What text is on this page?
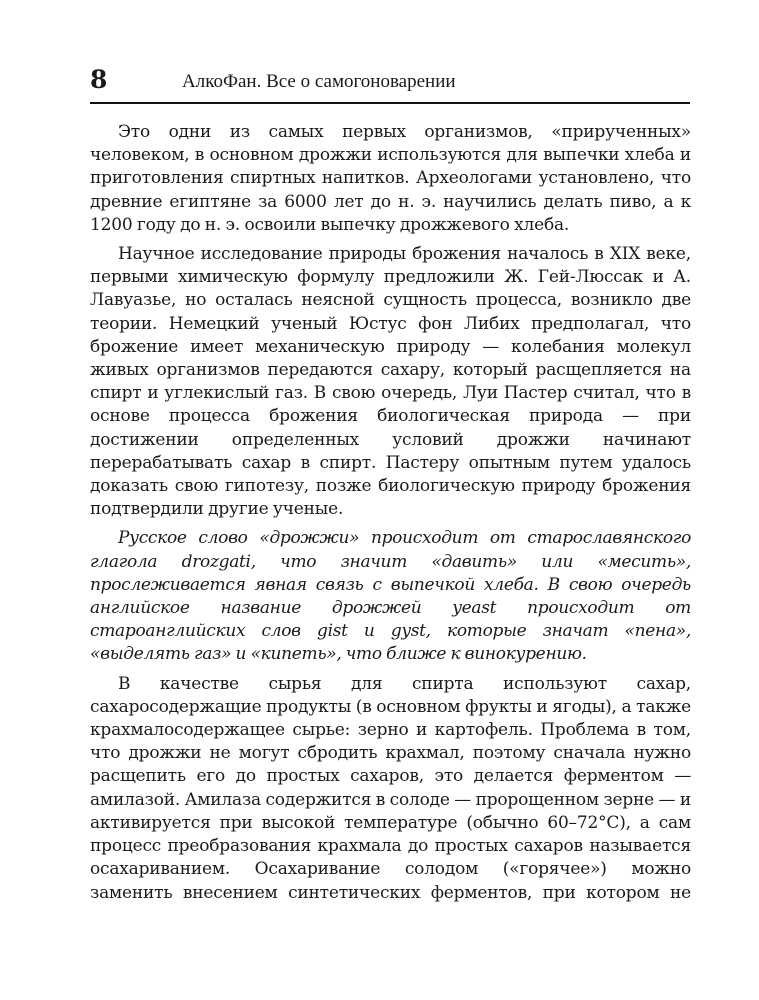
8	АлкоФан. Все о самогоноварении

Это одни из самых первых организмов, «прирученных» человеком, в основном дрожжи используются для выпечки хлеба и приготовления спиртных напитков. Археологами установлено, что древние египтяне за 6000 лет до н. э. научились делать пиво, а к 1200 году до н. э. освоили выпечку дрожжевого хлеба.

Научное исследование природы брожения началось в XIX веке, первыми химическую формулу предложили Ж. Гей-Люссак и А. Лавуазье, но осталась неясной сущность процесса, возникло две теории. Немецкий ученый Юстус фон Либих предполагал, что брожение имеет механическую природу — колебания молекул живых организмов передаются сахару, который расщепляется на спирт и углекислый газ. В свою очередь, Луи Пастер считал, что в основе процесса брожения биологическая природа — при достижении определенных условий дрожжи начинают перерабатывать сахар в спирт. Пастеру опытным путем удалось доказать свою гипотезу, позже биологическую природу брожения подтвердили другие ученые.

Русское слово «дрожжи» происходит от старославянского глагола drozgati, что значит «давить» или «месить», прослеживается явная связь с выпечкой хлеба. В свою очередь английское название дрожжей yeast происходит от староанглийских слов gist и gyst, которые значат «пена», «выделять газ» и «кипеть», что ближе к винокурению.

В качестве сырья для спирта используют сахар, сахаросодержащие продукты (в основном фрукты и ягоды), а также крахмалосодержащее сырье: зерно и картофель. Проблема в том, что дрожжи не могут сбродить крахмал, поэтому сначала нужно расщепить его до простых сахаров, это делается ферментом — амилазой. Амилаза содержится в солоде — пророщенном зерне — и активируется при высокой температуре (обычно 60–72°C), а сам процесс преобразования крахмала до простых сахаров называется осахариванием. Осахаривание солодом («горячее») можно заменить внесением синтетических ферментов, при котором не
